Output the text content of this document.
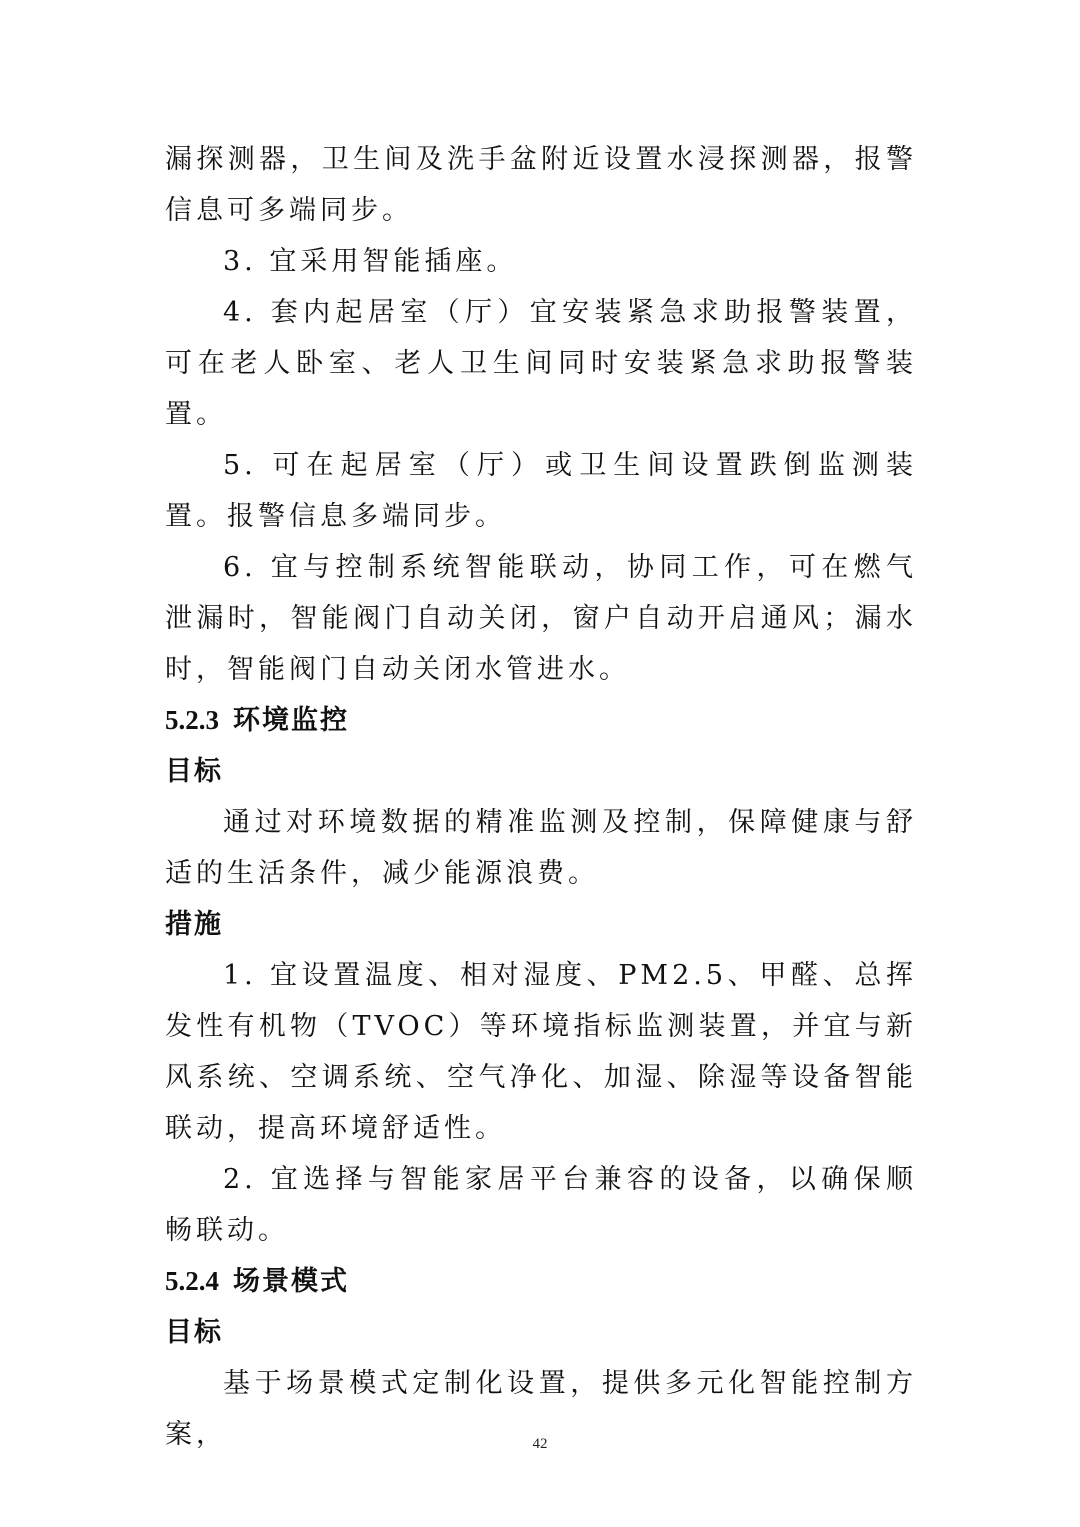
漏探测器，卫生间及洗手盆附近设置水浸探测器，报警信息可多端同步。

3. 宜采用智能插座。

4. 套内起居室（厅）宜安装紧急求助报警装置，可在老人卧室、老人卫生间同时安装紧急求助报警装置。

5. 可在起居室（厅）或卫生间设置跌倒监测装置。报警信息多端同步。

6. 宜与控制系统智能联动，协同工作，可在燃气泄漏时，智能阀门自动关闭，窗户自动开启通风；漏水时，智能阀门自动关闭水管进水。

5.2.3 环境监控
目标

通过对环境数据的精准监测及控制，保障健康与舒适的生活条件，减少能源浪费。

措施

1. 宜设置温度、相对湿度、PM2.5、甲醛、总挥发性有机物（TVOC）等环境指标监测装置，并宜与新风系统、空调系统、空气净化、加湿、除湿等设备智能联动，提高环境舒适性。

2. 宜选择与智能家居平台兼容的设备，以确保顺畅联动。

5.2.4 场景模式
目标

基于场景模式定制化设置，提供多元化智能控制方案，	42
